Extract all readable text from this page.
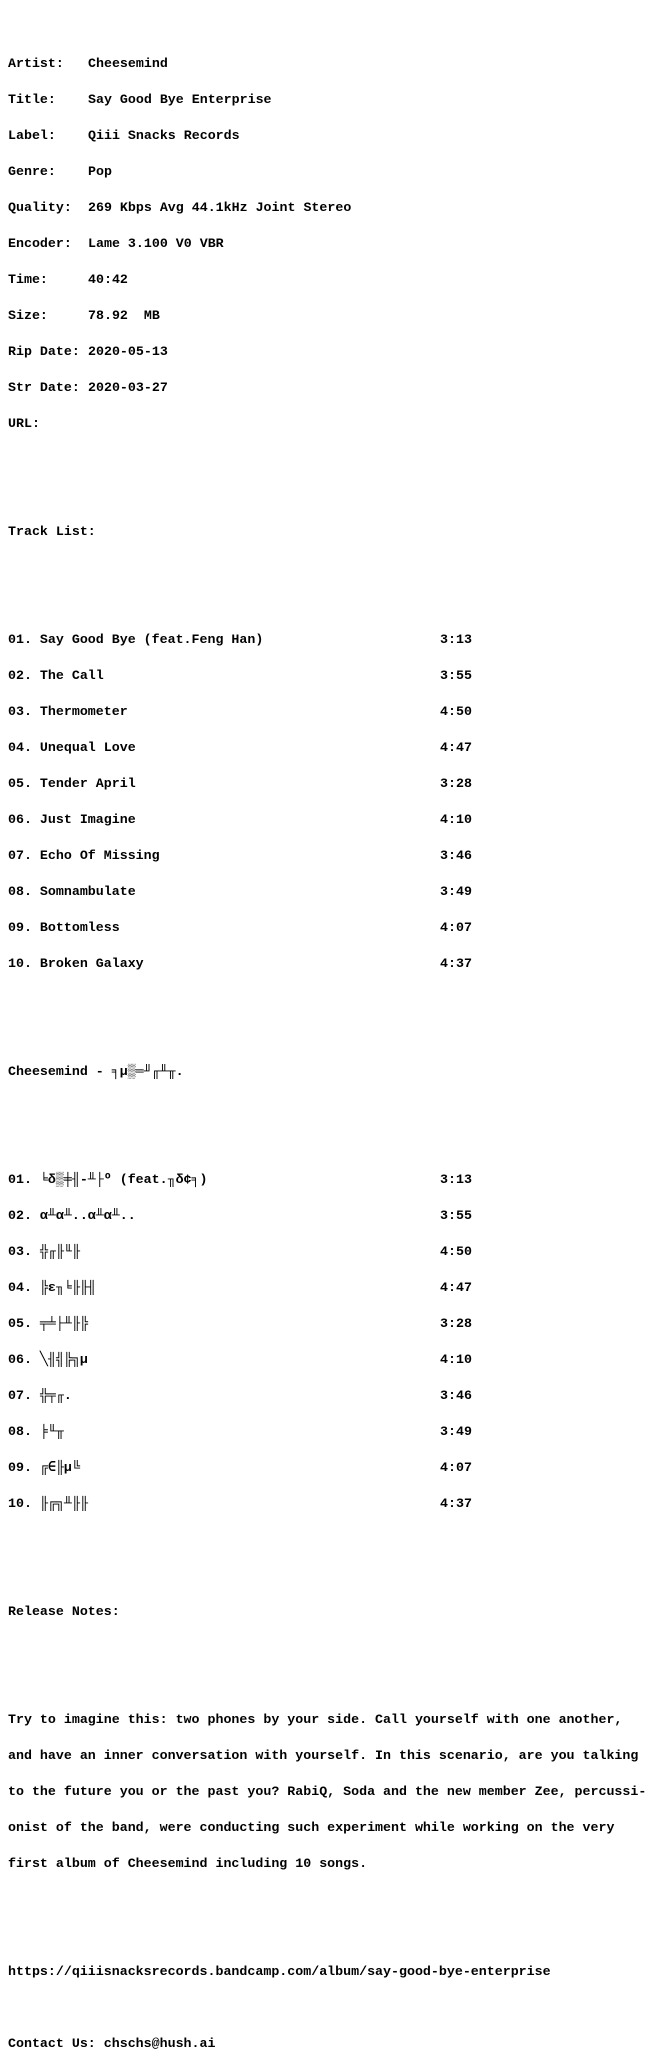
Artist: Cheesemind

Title: Say Good Bye Enterprise

Label: Qiii Snacks Records

Genre: Pop

Quality: 269 Kbps Avg 44.1kHz Joint Stereo

Encoder: Lame 3.100 V0 VBR

Time:	40:42

Size:	78.92  MB

Rip Date: 2020-05-13

Str Date: 2020-03-27

URL:

Track List:

01. Say Good Bye (feat.Feng Han)	3:13

02. The Call	3:55

03. Thermometer	4:50

04. Unequal Love	4:47

05. Tender April	3:28

06. Just Imagine	4:10

07. Echo Of Missing	3:46

08. Somnambulate	3:49

09. Bottomless	4:07

10. Broken Galaxy	4:37

Cheesemind - ╕µ▒═╜╓╨╥.

01. ╘δ▒╪╢-╨├º (feat.╖δ¢╕)	3:13

02. α╨α╨..α╨α╨..	3:55

03. ╬╓╟╙╟	4:50

04. ╠ε╖╘╟╟╢	4:47

05. ╤╧├╨╟╠	3:28

06. ╲╢╣╠╗µ	4:10

07. ╬╤╓.	3:46

08. ╞╙╥	3:49

09. ╔∈╟µ╚	4:07

10. ╟╔╗╨╟╟	4:37

Release Notes:

Try to imagine this: two phones by your side. Call yourself with one another,

and have an inner conversation with yourself. In this scenario, are you talking

to the future you or the past you? RabiQ, Soda and the new member Zee, percussi-

onist of the band, were conducting such experiment while working on the very

first album of Cheesemind including 10 songs.

https://qiiisnacksrecords.bandcamp.com/album/say-good-bye-enterprise

Contact Us: chschs@hush.ai
